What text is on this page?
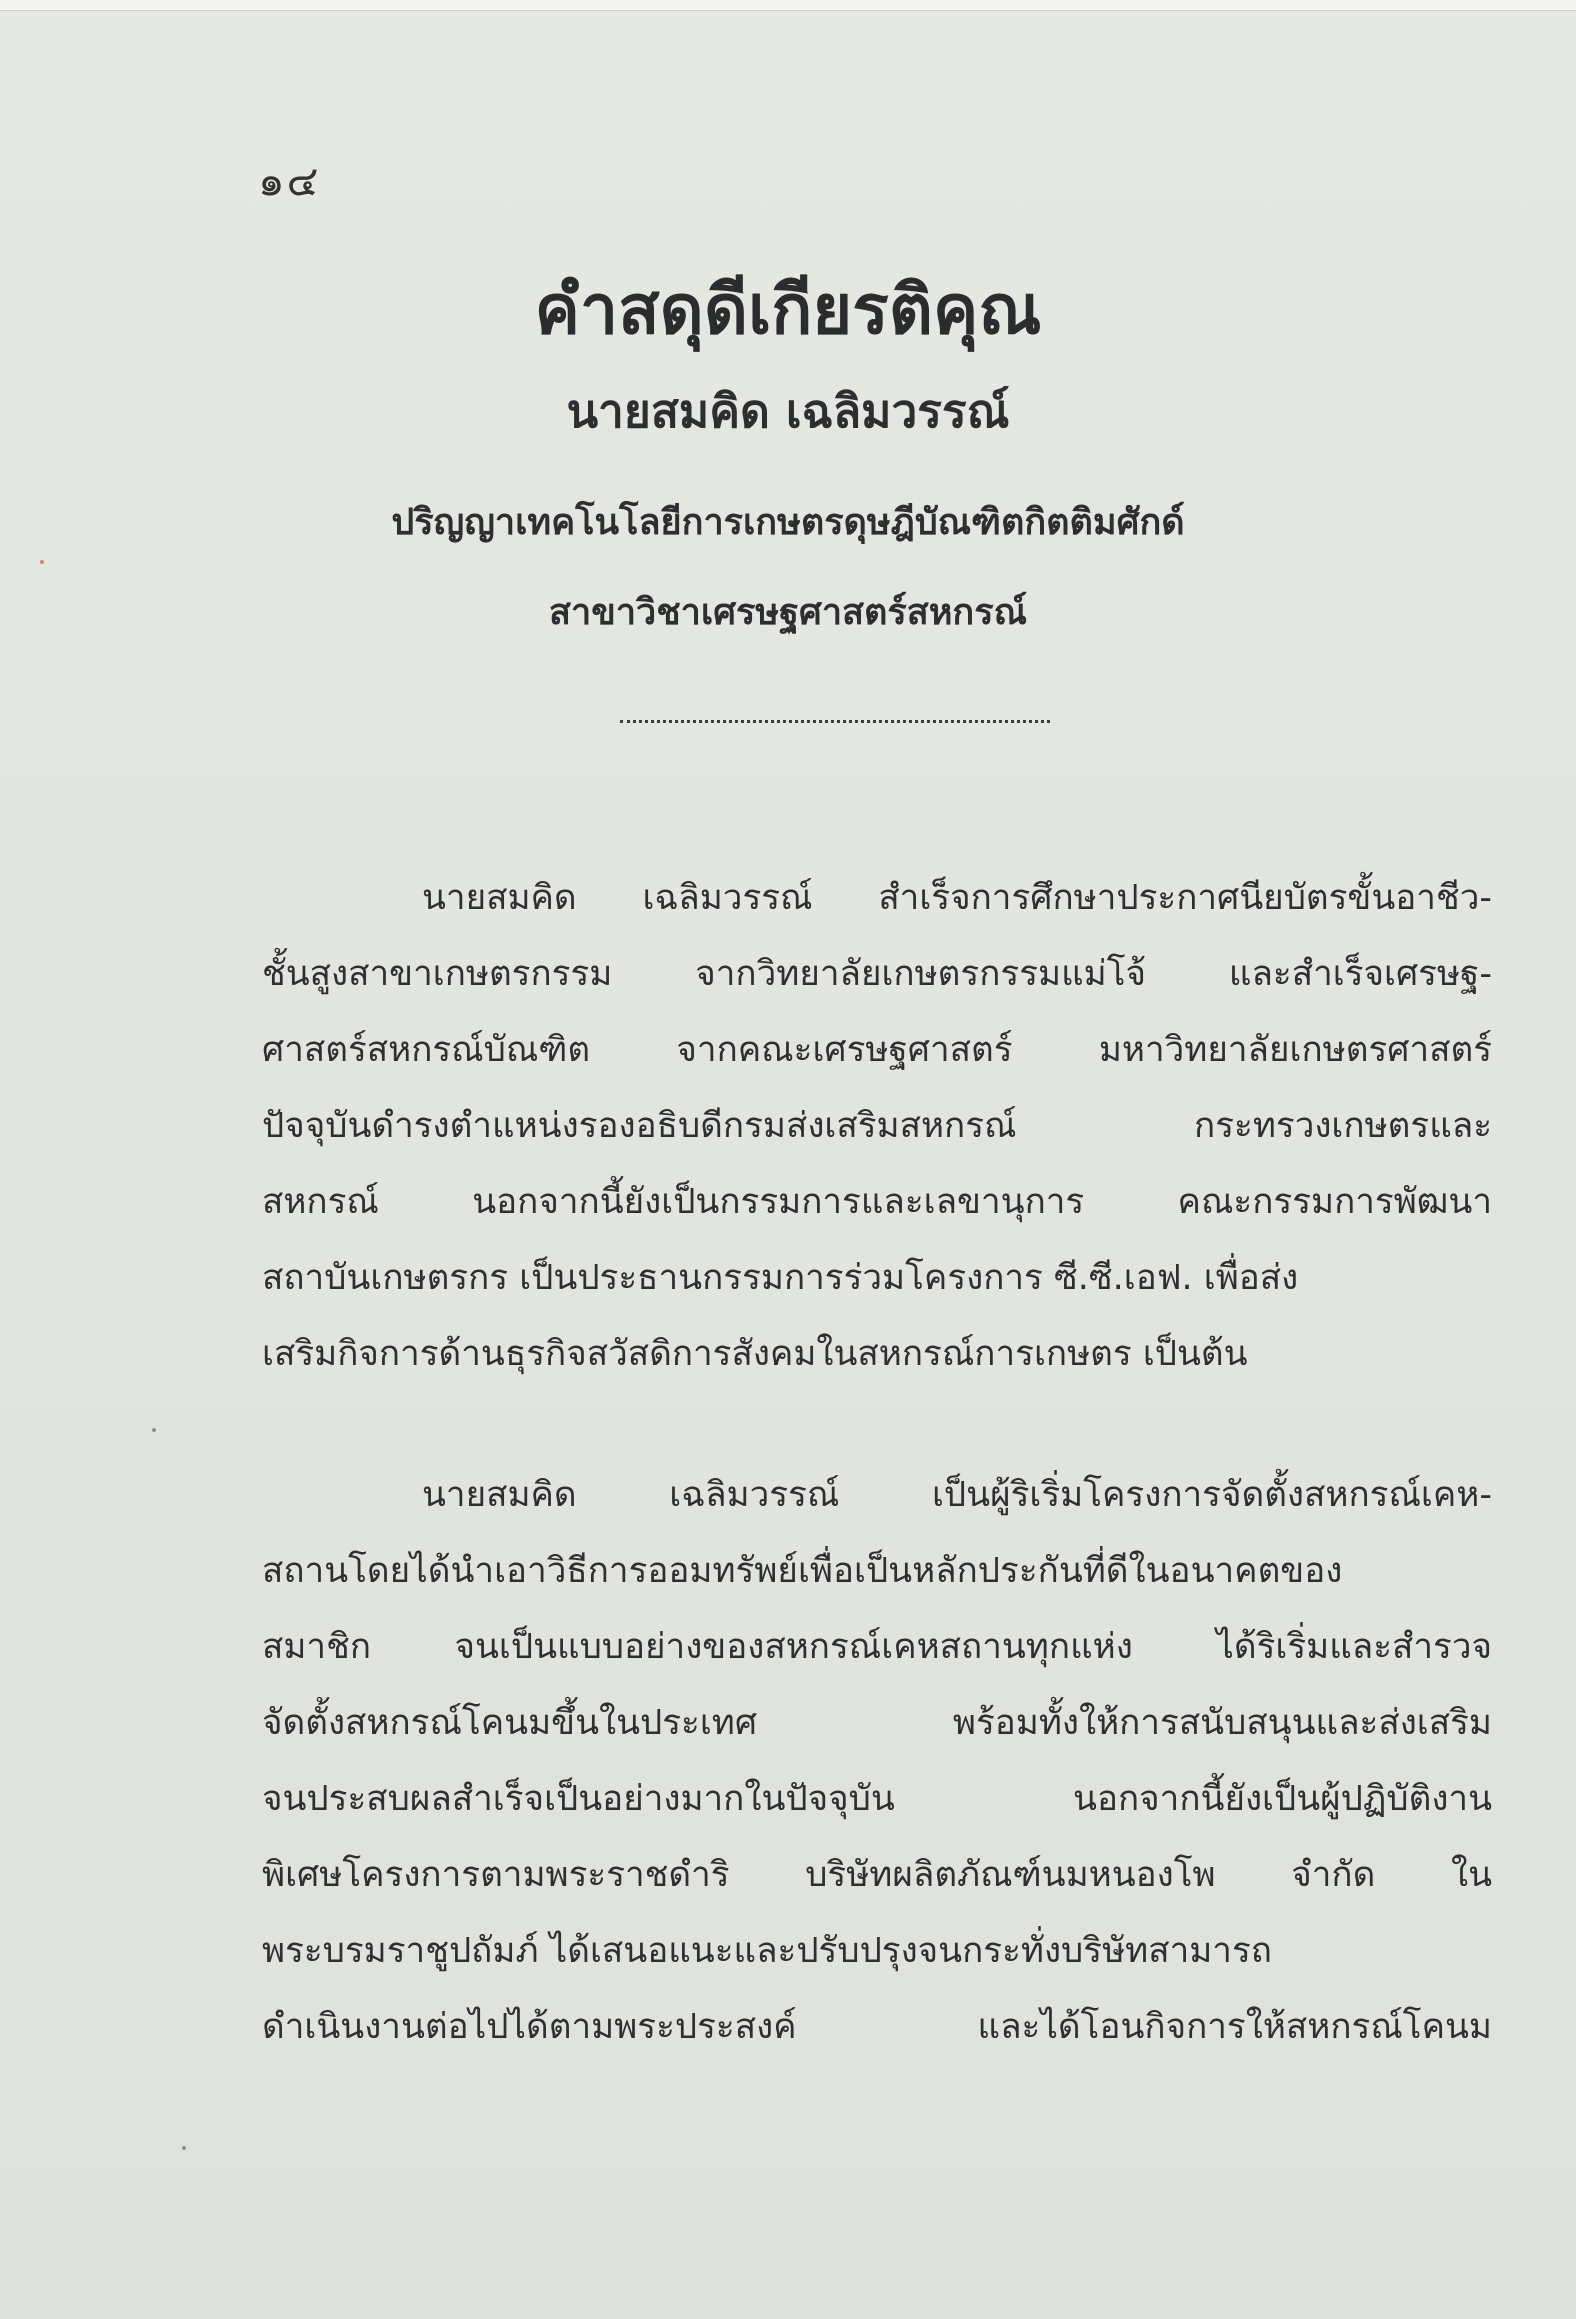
๑๔
คำสดุดีเกียรติคุณ
นายสมคิด เฉลิมวรรณ์
ปริญญาเทคโนโลยีการเกษตรดุษฎีบัณฑิตกิตติมศักด์
สาขาวิชาเศรษฐศาสตร์สหกรณ์
นายสมคิด เฉลิมวรรณ์ สำเร็จการศึกษาประกาศนียบัตรขั้นอาชีว-
ชั้นสูงสาขาเกษตรกรรม จากวิทยาลัยเกษตรกรรมแม่โจ้ และสำเร็จเศรษฐ-
ศาสตร์สหกรณ์บัณฑิต จากคณะเศรษฐศาสตร์ มหาวิทยาลัยเกษตรศาสตร์
ปัจจุบันดำรงตำแหน่งรองอธิบดีกรมส่งเสริมสหกรณ์ กระทรวงเกษตรและ
สหกรณ์ นอกจากนี้ยังเป็นกรรมการและเลขานุการ คณะกรรมการพัฒนา
สถาบันเกษตรกร เป็นประธานกรรมการร่วมโครงการ ซี.ซี.เอฟ. เพื่อส่ง
เสริมกิจการด้านธุรกิจสวัสดิการสังคมในสหกรณ์การเกษตร เป็นต้น
นายสมคิด เฉลิมวรรณ์ เป็นผู้ริเริ่มโครงการจัดตั้งสหกรณ์เคห-
สถานโดยได้นำเอาวิธีการออมทรัพย์เพื่อเป็นหลักประกันที่ดีในอนาคตของ
สมาชิก จนเป็นแบบอย่างของสหกรณ์เคหสถานทุกแห่ง ได้ริเริ่มและสำรวจ
จัดตั้งสหกรณ์โคนมขึ้นในประเทศ พร้อมทั้งให้การสนับสนุนและส่งเสริม
จนประสบผลสำเร็จเป็นอย่างมากในปัจจุบัน นอกจากนี้ยังเป็นผู้ปฏิบัติงาน
พิเศษโครงการตามพระราชดำริ บริษัทผลิตภัณฑ์นมหนองโพ จำกัด ใน
พระบรมราชูปถัมภ์ ได้เสนอแนะและปรับปรุงจนกระทั่งบริษัทสามารถ
ดำเนินงานต่อไปได้ตามพระประสงค์ และได้โอนกิจการให้สหกรณ์โคนม
